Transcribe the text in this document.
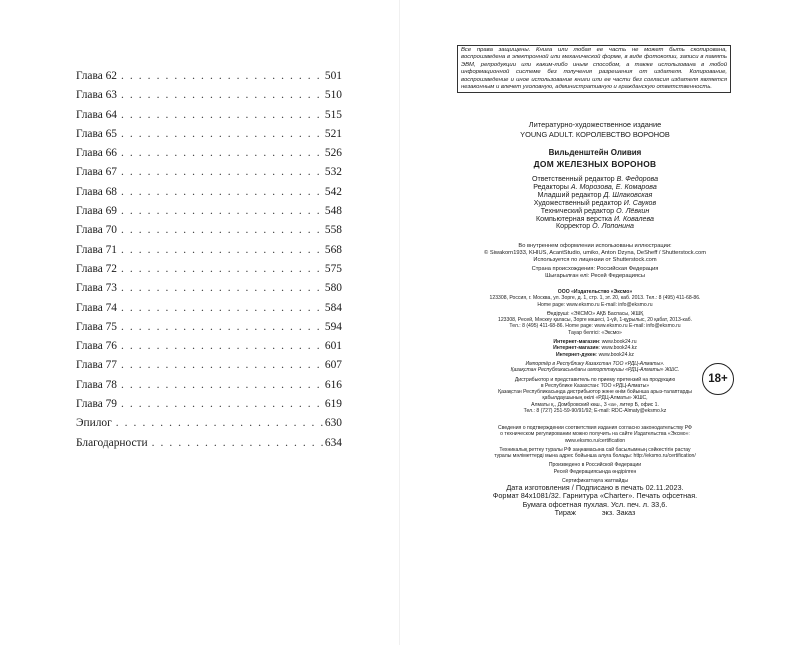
Глава 62 . . .	501
Глава 63 . . .	510
Глава 64 . . .	515
Глава 65 . . .	521
Глава 66 . . .	526
Глава 67 . . .	532
Глава 68 . . .	542
Глава 69 . . .	548
Глава 70 . . .	558
Глава 71 . . .	568
Глава 72 . . .	575
Глава 73 . . .	580
Глава 74 . . .	584
Глава 75 . . .	594
Глава 76 . . .	601
Глава 77 . . .	607
Глава 78 . . .	616
Глава 79 . . .	619
Эпилог . . .	630
Благодарности . . .	634
Все права защищены. Книга или любая ее часть не может быть скопирована, воспроизведена в электронной или механической форме, в виде фотокопии, записи в память ЭВМ, репродукции или каким-либо иным способом, а также использована в любой информационной системе без получения разрешения от издателя. Копирование, воспроизведение и иное использование книги или ее части без согласия издателя является незаконным и влечет уголовную, административную и гражданскую ответственность.
Литературно-художественное издание
YOUNG ADULT. КОРОЛЕВСТВО ВОРОНОВ
Вильденштейн Оливия
ДОМ ЖЕЛЕЗНЫХ ВОРОНОВ
Ответственный редактор В. Федорова
Редакторы А. Морозова, Е. Комарова
Младший редактор Д. Шлаковская
Художественный редактор И. Сауков
Технический редактор О. Лёвкин
Компьютерная верстка И. Ковалева
Корректор О. Лопонина
Во внутреннем оформлении использованы иллюстрации:
© Siwakorn1933, KHIUS, AcantStudio, umiko, Anton Dzyna, DeSheff / Shutterstock.com
Используется по лицензии от Shutterstock.com
Страна происхождения: Российская Федерация
Шығарылған елі: Ресей Федерациясы
ООО «Издательство «Эксмо»
123308, Россия, г. Москва, ул. Зорге, д. 1, стр. 1, эт. 20, каб. 2013. Тел.: 8 (495) 411-68-86.
Home page: www.eksmo.ru E-mail: info@eksmo.ru
Өндіруші: «ЭКСМО» АҚБ Баспасы, ЖШҚ
123308, Ресей, Мәскеу қаласы, Зорге көшесі, 1-үй, 1-құрылыс, 20 қабат, 2013-каб.
Тел.: 8 (495) 411-68-86. Home page: www.eksmo.ru E-mail: info@eksmo.ru
Тауар белгісі: «Эксмо»
Интернет-магазин: www.book24.ru
Интернет-магазин: www.book24.kz
Интернет-дүкен: www.book24.kz
Импортёр в Республику Казахстан ТОО «РДЦ-Алматы».
Қазақстан Республикасындағы импорттаушы «РДЦ-Алматы» ЖШС.
Дистрибьютор и представитель по приему претензий на продукцию
в Республике Казахстан: ТОО «РДЦ-Алматы»
Қазақстан Республикасында дистрибьютор және өнім бойынша арыз-талаптарды
қабылдаушының өкілі «РДЦ-Алматы» ЖШС,
Алматы қ., Домбровский көш., 3 «а», литер Б, офис 1.
Тел.: 8 (727) 251-59-90/91/92; E-mail: RDC-Almaty@eksmo.kz
18+
Сведения о подтверждении соответствия издания согласно законодательству РФ
о техническом регулировании можно получить на сайте Издательства «Эксмо»:
www.eksmo.ru/certification
Техникалық реттеу туралы РФ заңнамасына сай басылымның сәйкестігін растау
туралы мәліметтерді мына адрес бойынша алуға болады: http://eksmo.ru/certification/
Произведено в Российской Федерации
Ресей Федерациясында өндірілген
Сертификаттауға жатпайды
Дата изготовления / Подписано в печать 02.11.2023.
Формат 84x1081/32. Гарнитура «Charter». Печать офсетная.
Бумага офсетная пухлая. Усл. печ. л. 33,6.
Тираж	экз. Заказ
